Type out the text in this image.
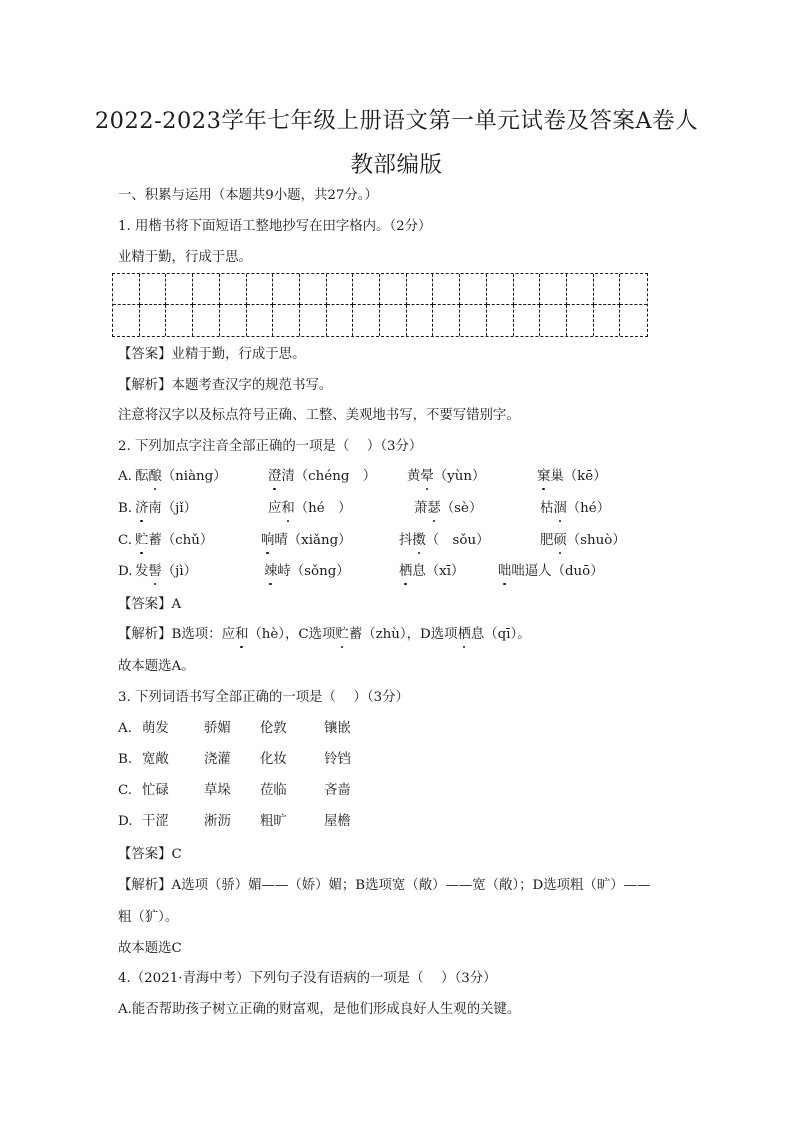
2022-2023学年七年级上册语文第一单元试卷及答案A卷人
教部编版
一、积累与运用（本题共9小题，共27分。）
1. 用楷书将下面短语工整地抄写在田字格内。（2分）
业精于勤，行成于思。
【答案】业精于勤，行成于思。
【解析】本题考查汉字的规范书写。
注意将汉字以及标点符号正确、工整、美观地书写，不要写错别字。
2. 下列加点字注音全部正确的一项是（　 ）（3分）
A. 酝酿（niàng）	澄清（chéng　） 黄晕（yùn）	窠巢（kē）
B. 济南（jǐ）	应和（hé　）	萧瑟（sè）	枯涸（hé）
C. 贮蓄（chǔ）	响晴（xiǎng）	抖擞（　sǒu）	肥硕（shuò）
D. 发髻（jì）	竦峙（sǒng）	栖息（xī）	咄咄逼人（duō）
【答案】A
【解析】B选项：应和（hè），C选项贮蓄（zhù），D选项栖息（qī）。
故本题选A。
3. 下列词语书写全部正确的一项是（　 ）（3分）
A. 萌发	骄媚 伦敦	镶嵌
B. 宽敞	浇灌 化妆	铃铛
C. 忙碌	草垛 莅临	吝啬
D. 干涩	淅沥 粗旷	屋檐
【答案】C
【解析】A选项（骄）媚——（娇）媚；B选项宽（敞）——宽（敞）；D选项粗（旷）——
粗（犷）。
故本题选C
4.（2021·青海中考）下列句子没有语病的一项是（　 ）（3分）
A.能否帮助孩子树立正确的财富观，是他们形成良好人生观的关键。
